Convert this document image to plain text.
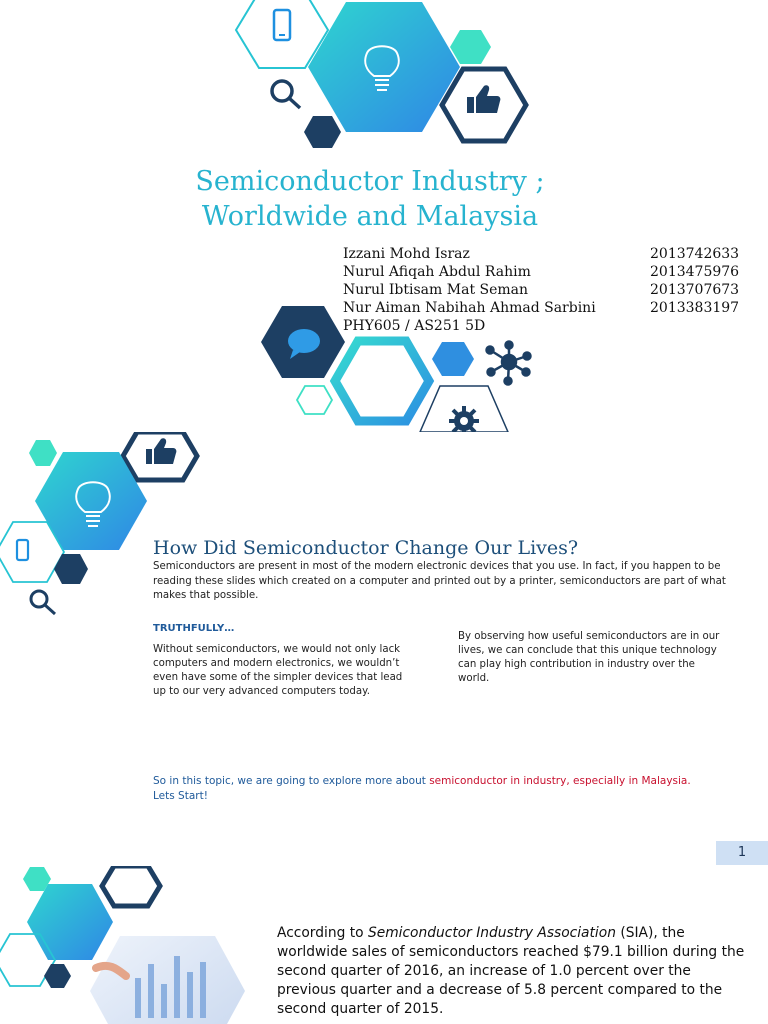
Semiconductor Industry ;
Worldwide and Malaysia
Izzani Mohd Israz	2013742633
Nurul Afiqah Abdul Rahim	2013475976
Nurul Ibtisam Mat Seman	2013707673
Nur Aiman Nabihah Ahmad Sarbini	2013383197
PHY605 / AS251 5D
How Did Semiconductor Change Our Lives?
Semiconductors are present in most of the modern electronic devices that you use. In fact, if you happen to be reading these slides which created on a computer and printed out by a printer, semiconductors are part of what makes that possible.
TRUTHFULLY…
Without semiconductors, we would not only lack computers and modern electronics, we wouldn’t even have some of the simpler devices that lead up to our very advanced computers today.
By observing how useful semiconductors are in our lives, we can conclude that this unique technology can play high contribution in industry over the world.
So in this topic, we are going to explore more about semiconductor in industry, especially in Malaysia.
Lets Start!
1
According to Semiconductor Industry Association (SIA), the worldwide sales of semiconductors reached $79.1 billion during the second quarter of 2016, an increase of 1.0 percent over the previous quarter and a decrease of 5.8 percent compared to the second quarter of 2015.
